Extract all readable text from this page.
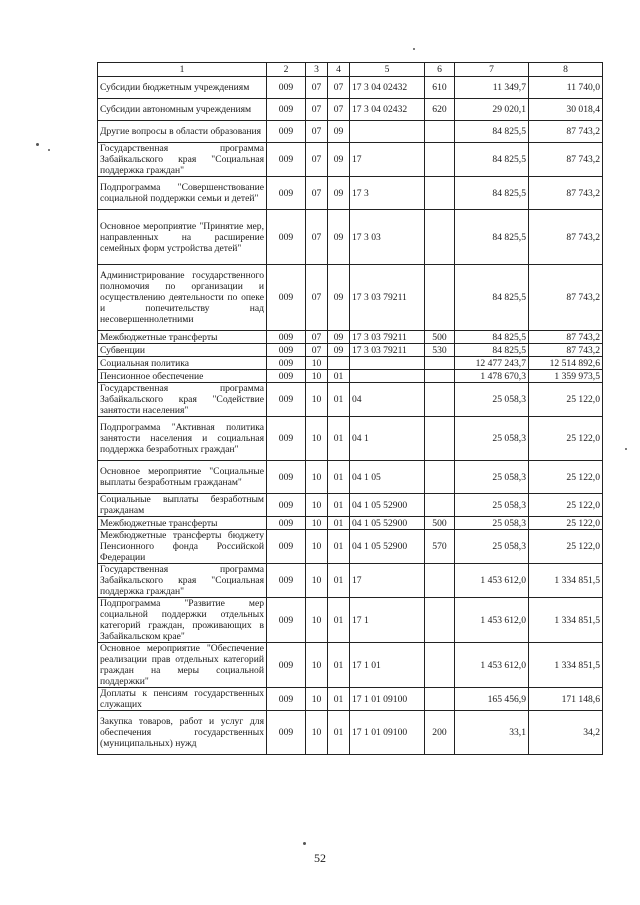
1	2	3	4	5	6	7	8
Субсидии бюджетным учреждениям	009	07	07	17 3 04 02432	610	11 349,7	11 740,0
Субсидии автономным учреждениям	009	07	07	17 3 04 02432	620	29 020,1	30 018,4
Другие вопросы в области образования	009	07	09			84 825,5	87 743,2
Государственная программа Забайкальского края "Социальная поддержка граждан"	009	07	09	17		84 825,5	87 743,2
Подпрограмма "Совершенствование социальной поддержки семьи и детей"	009	07	09	17 3		84 825,5	87 743,2
Основное мероприятие "Принятие мер, направленных на расширение семейных форм устройства детей"	009	07	09	17 3 03		84 825,5	87 743,2
Администрирование государственного полномочия по организации и осуществлению деятельности по опеке и попечительству над несовершеннолетними	009	07	09	17 3 03 79211		84 825,5	87 743,2
Межбюджетные трансферты	009	07	09	17 3 03 79211	500	84 825,5	87 743,2
Субвенции	009	07	09	17 3 03 79211	530	84 825,5	87 743,2
Социальная политика	009	10				12 477 243,7	12 514 892,6
Пенсионное обеспечение	009	10	01			1 478 670,3	1 359 973,5
Государственная программа Забайкальского края "Содействие занятости населения"	009	10	01	04		25 058,3	25 122,0
Подпрограмма "Активная политика занятости населения и социальная поддержка безработных граждан"	009	10	01	04 1		25 058,3	25 122,0
Основное мероприятие "Социальные выплаты безработным гражданам"	009	10	01	04 1 05		25 058,3	25 122,0
Социальные выплаты безработным гражданам	009	10	01	04 1 05 52900		25 058,3	25 122,0
Межбюджетные трансферты	009	10	01	04 1 05 52900	500	25 058,3	25 122,0
Межбюджетные трансферты бюджету Пенсионного фонда Российской Федерации	009	10	01	04 1 05 52900	570	25 058,3	25 122,0
Государственная программа Забайкальского края "Социальная поддержка граждан"	009	10	01	17		1 453 612,0	1 334 851,5
Подпрограмма "Развитие мер социальной поддержки отдельных категорий граждан, проживающих в Забайкальском крае"	009	10	01	17 1		1 453 612,0	1 334 851,5
Основное мероприятие "Обеспечение реализации прав отдельных категорий граждан на меры социальной поддержки"	009	10	01	17 1 01		1 453 612,0	1 334 851,5
Доплаты к пенсиям государственных служащих	009	10	01	17 1 01 09100		165 456,9	171 148,6
Закупка товаров, работ и услуг для обеспечения государственных (муниципальных) нужд	009	10	01	17 1 01 09100	200	33,1	34,2
52
